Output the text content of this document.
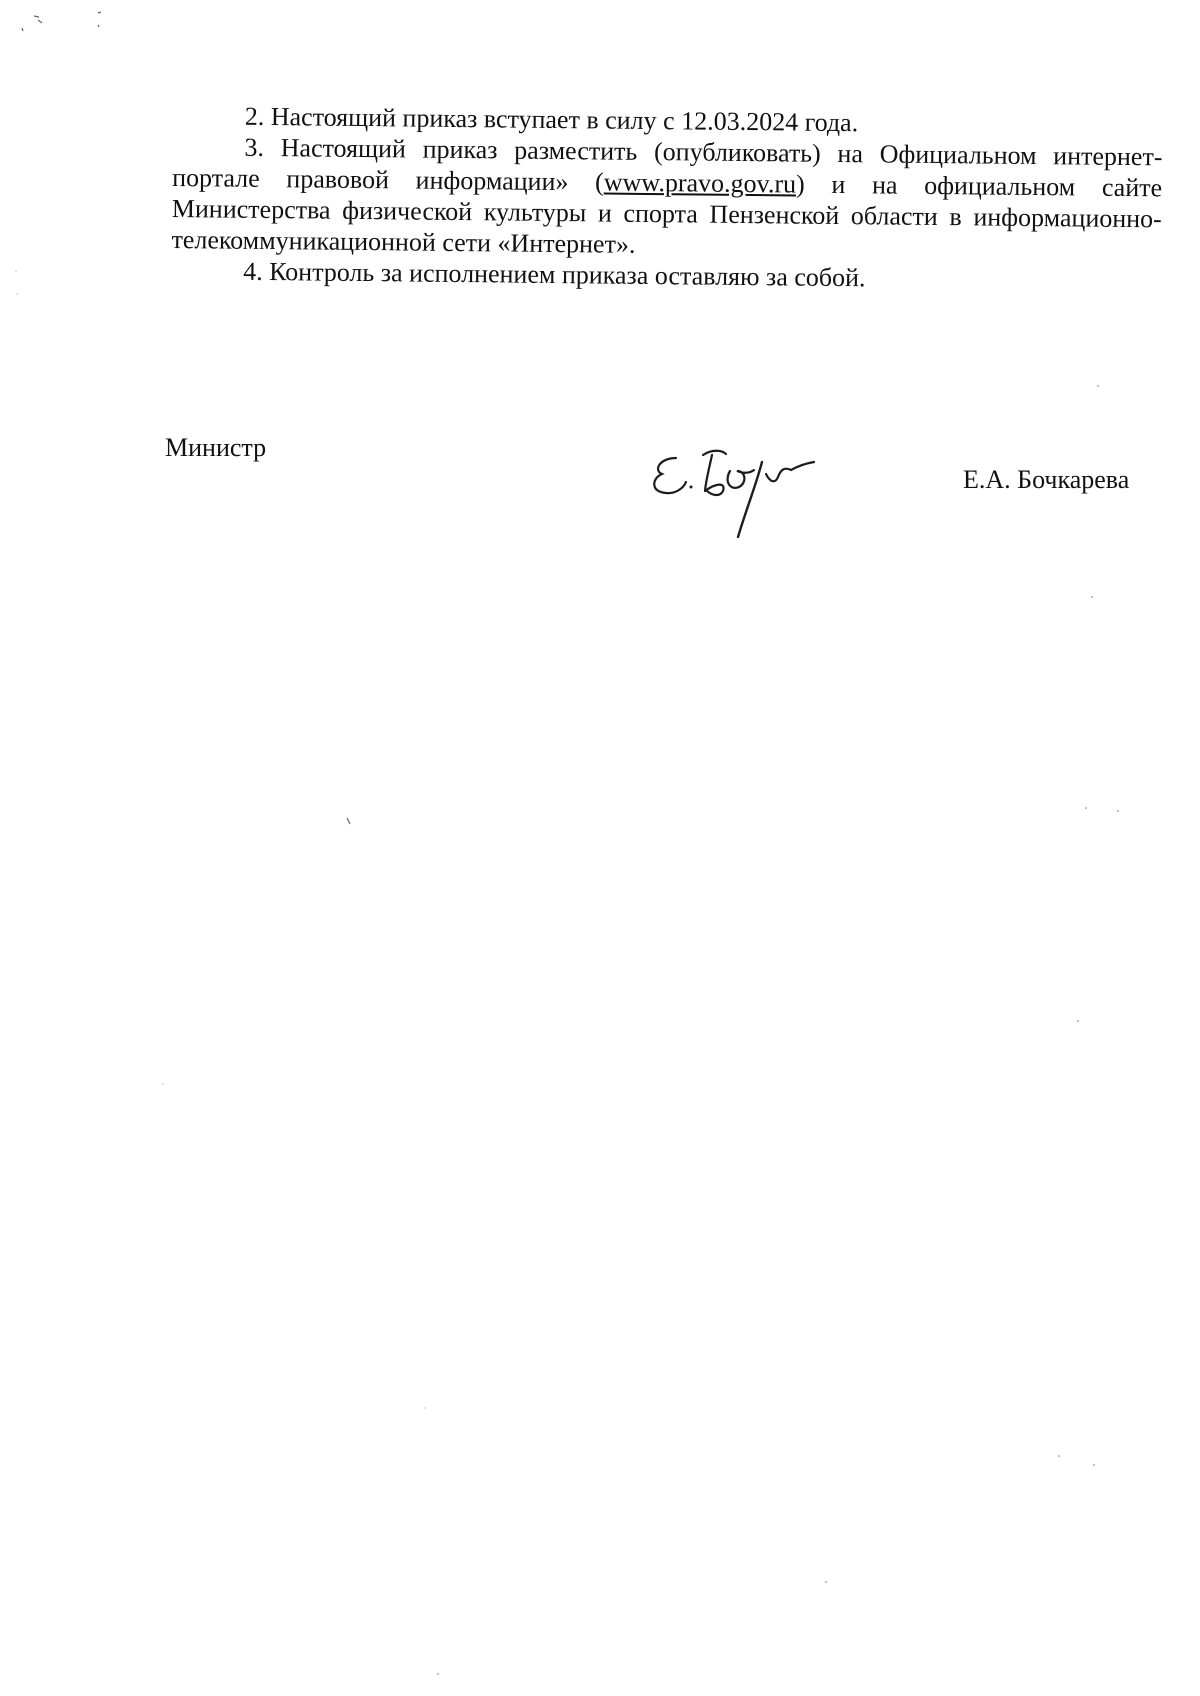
2. Настоящий приказ вступает в силу с 12.03.2024 года.

3. Настоящий приказ разместить (опубликовать) на Официальном интернет-портале правовой информации» (www.pravo.gov.ru) и на официальном сайте Министерства физической культуры и спорта Пензенской области в информационно-телекоммуникационной сети «Интернет».

4. Контроль за исполнением приказа оставляю за собой.

Министр
Е.А. Бочкарева
